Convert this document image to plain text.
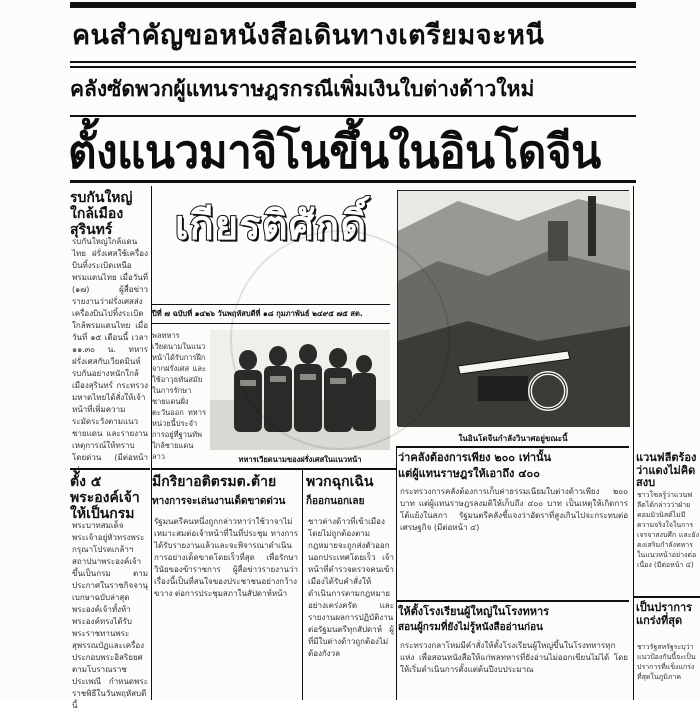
คนสำคัญขอหนังสือเดินทางเตรียมจะหนี
คลังซัดพวกผู้แทนราษฎรกรณีเพิ่มเงินใบต่างด้าวใหม่
ตั้งแนวมาจิโนขึ้นในอินโดจีน
รบกันใหญ่ใกล้เมืองสุรินทร์
รบกันใหญ่ใกล้แดนไทย ฝรั่งเศสใช้เครื่องบินทิ้งระเบิดเหนือพรมแดนไทย เมื่อวันที่ (๑๗) ผู้สื่อข่าวรายงานว่าฝรั่งเศสส่งเครื่องบินไปทิ้งระเบิดใกล้พรมแดนไทย เมื่อวันที่ ๑๕ เดือนนี้ เวลา ๑๑.๓๐ น. ทหารฝรั่งเศสกับเวียดมินห์รบกันอย่างหนักใกล้เมืองสุรินทร์ กระทรวงมหาดไทยได้สั่งให้เจ้าหน้าที่เพิ่มความระมัดระวังตามแนวชายแดน และรายงานเหตุการณ์ให้ทราบโดยด่วน (มีต่อหน้า
ตั้ง ๕ พระองค์เจ้าให้เป็นกรม
พระบาทสมเด็จพระเจ้าอยู่หัวทรงพระกรุณาโปรดเกล้าฯ สถาปนาพระองค์เจ้าขึ้นเป็นกรม ตามประกาศในราชกิจจานุเบกษาฉบับล่าสุด พระองค์เจ้าทั้งห้าพระองค์ทรงได้รับพระราชทานพระสุพรรณบัฏและเครื่องประกอบพระอิสริยยศตามโบราณราชประเพณี กำหนดพระราชพิธีในวันพฤหัสบดีนี้
เกียรติศักดิ์
ปีที่ ๗ ฉบับที่ ๑๔๒๖ วันพฤหัสบดีที่ ๑๘ กุมภาพันธ์ ๒๔๙๕ ๗๕ สต.
พลทหารเวียดนามในแนวหน้าได้รับการฝึกจากฝรั่งเศส และใช้อาวุธทันสมัยในการรักษาชายแดนฝั่งตะวันออก ทหารหน่วยนี้ประจำการอยู่ที่ฐานทัพใกล้ชายแดนลาว	ทหารเวียดนามของฝรั่งเศสในแนวหน้า
ในอินโดจีนกำลังวินาศอยู่ขณะนี้
มีกริยาอติตรมต.ต้าย
ทางการจะเล่นงานเด็ดขาดด่วน
รัฐมนตรีคนหนึ่งถูกกล่าวหาว่าใช้วาจาไม่เหมาะสมต่อเจ้าหน้าที่ในที่ประชุม ทางการได้รับรายงานแล้วและจะพิจารณาดำเนินการอย่างเด็ดขาดโดยเร็วที่สุด เพื่อรักษาวินัยของข้าราชการ ผู้สื่อข่าวรายงานว่าเรื่องนี้เป็นที่สนใจของประชาชนอย่างกว้างขวาง ต่อการประชุมสภาในสัปดาห์หน้า
พวกฉุกเฉิน
ก็ออกนอกเลย
ชาวต่างด้าวที่เข้าเมืองโดยไม่ถูกต้องตามกฎหมายจะถูกส่งตัวออกนอกประเทศโดยเร็ว เจ้าหน้าที่ตำรวจตรวจคนเข้าเมืองได้รับคำสั่งให้ดำเนินการตามกฎหมายอย่างเคร่งครัด และรายงานผลการปฏิบัติงานต่อรัฐมนตรีทุกสัปดาห์ ผู้ที่มีใบต่างด้าวถูกต้องไม่ต้องกังวล
ว่าคลังต้องการเพียง ๒๐๐ เท่านั้น
แต่ผู้แทนราษฎรให้เอาถึง ๔๐๐
กระทรวงการคลังต้องการเก็บค่าธรรมเนียมใบต่างด้าวเพียง ๒๐๐ บาท แต่ผู้แทนราษฎรลงมติให้เก็บถึง ๔๐๐ บาท เป็นเหตุให้เกิดการโต้แย้งในสภา รัฐมนตรีคลังชี้แจงว่าอัตราที่สูงเกินไปจะกระทบต่อเศรษฐกิจ (มีต่อหน้า ๔)
ให้ตั้งโรงเรียนผู้ใหญ่ในโรงทหาร
สอนผู้กรมที่ยังไม่รู้หนังสืออ่านก่อน
กระทรวงกลาโหมมีคำสั่งให้ตั้งโรงเรียนผู้ใหญ่ขึ้นในโรงทหารทุกแห่ง เพื่อสอนหนังสือให้แก่พลทหารที่ยังอ่านไม่ออกเขียนไม่ได้ โดยให้เริ่มดำเนินการตั้งแต่ต้นปีงบประมาณ
แวนฟลีตร้องว่าแดงไม่คิดสงบ
ชาวโซลรู้ว่าแวนฟลีตได้กล่าวว่าฝ่ายคอมมิวนิสต์ไม่มีความจริงใจในการเจรจาสงบศึก และยังคงเสริมกำลังทหารในแนวหน้าอย่างต่อเนื่อง (มีต่อหน้า ๔)
เป็นปราการแกร่งที่สุด
ชาวรัฐสหรัฐระบุว่าแนวป้องกันนี้จะเป็นปราการที่แข็งแกร่งที่สุดในภูมิภาค
